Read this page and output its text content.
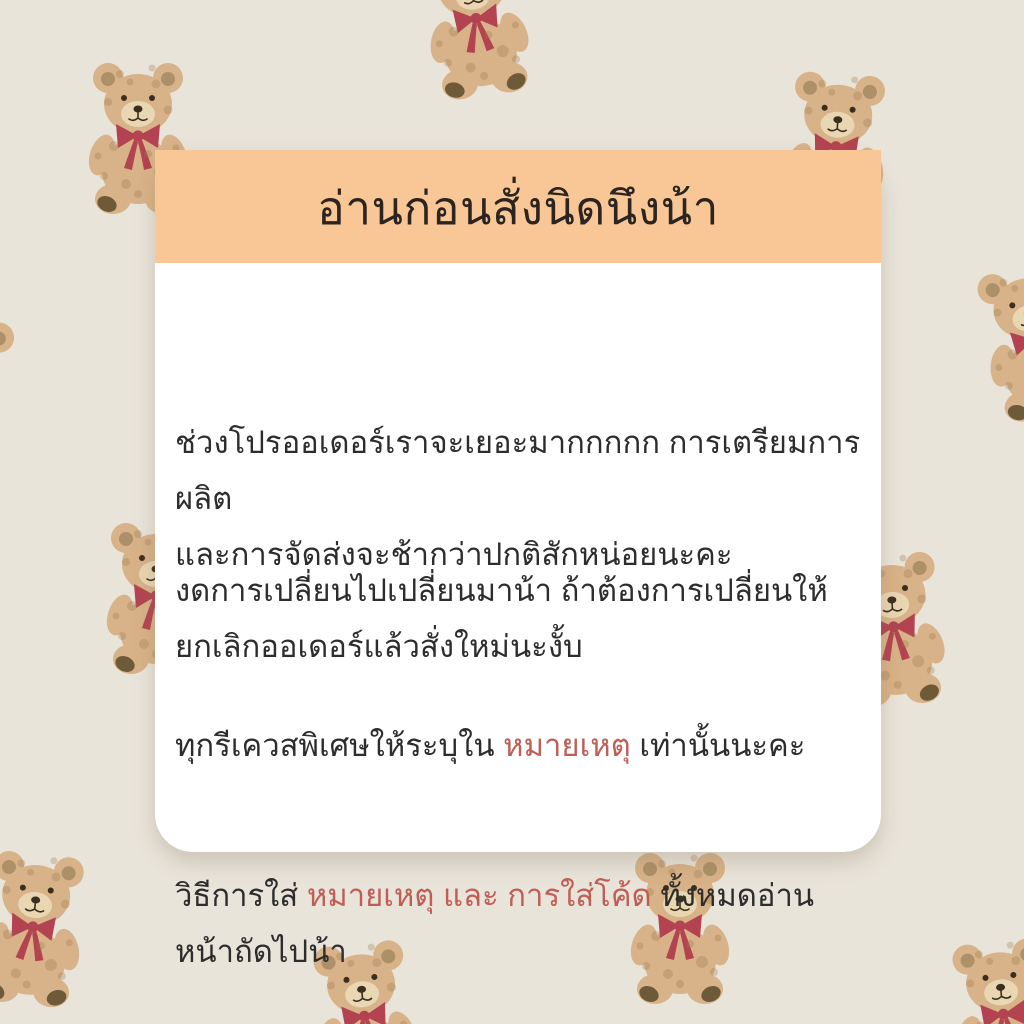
อ่านก่อนสั่งนิดนึงน้า

ช่วงโปรออเดอร์เราจะเยอะมากกกกก การเตรียมการผลิต
และการจัดส่งจะช้ากว่าปกติสักหน่อยนะคะ

งดการเปลี่ยนไปเปลี่ยนมาน้า ถ้าต้องการเปลี่ยนให้
ยกเลิกออเดอร์แล้วสั่งใหม่นะงั้บ

ทุกรีเควสพิเศษให้ระบุใน หมายเหตุ เท่านั้นนะคะ

วิธีการใส่ หมายเหตุ และ การใส่โค้ด ทั้งหมดอ่านหน้าถัดไปน้า
